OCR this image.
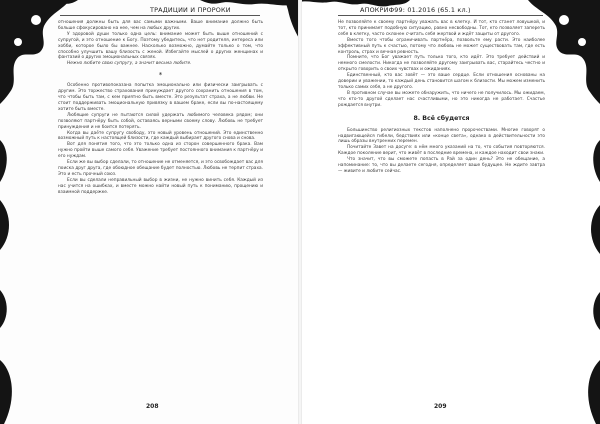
ТРАДИЦИИ И ПРОРОКИ

отношения должны быть для вас самыми важными. Ваше внимание должно быть больше сфокусировано на нее, чем на любых других.

У здоровой души только одна цель: внимание может быть выше отношений с супругой, и это отношение к Богу. Поэтому убедитесь, что нет родителя, интереса или хобби, которое было бы важнее. Насколько возможно, думайте только о том, что способно улучшить вашу близость с женой. Избегайте мыслей о других женщинах и фантазий о других эмоциональных связях.

Нежно любите свою супругу, а значит весьма любите.

*

Особенно противопоказана попытка эмоционально или физически заигрывать с другим. Это торжество страхования принуждает другого сохранить отношения в том, что чтобы быть там, с кем приятно быть вместе. Это результат страха, а не любви. Не стоит поддерживать эмоциональную привязку в вашем браке, если вы по-настоящему хотите быть вместе.

Любящие супруги не пытаются силой удержать любимого человека рядом; они позволяют партнёру быть собой, оставаясь верными своему слову. Любовь не требует принуждения и не боится потерять.

Когда вы даёте супругу свободу, это новый уровень отношений. Это единственно возможный путь к настоящей близости, где каждый выбирает другого снова и снова.

Вот для понятия того, что это только одна из сторон совершенного брака. Вам нужно пройти выше самого себя. Уважение требует постоянного внимания к партнёру и его нуждам.

Если же вы выбор сделали, то отношение не отменяется, и это освобождает вас для поиска друг друга, где обоюдное обещание будет полностью. Любовь не терпит страха. Это и есть прочный союз.

Если вы сделали неправильный выбор в жизни, не нужно винить себя. Каждый из нас учится на ошибках, и вместе можно найти новый путь к пониманию, прощению и взаимной поддержке.

208
АПОКРИФ99: 01.2016 (65.1 кл.)

Не позволяйте к своему партнёру уважать вас в клетку. И тот, кто станет ловушкой, и тот, кто принимает подобную ситуацию, равно несвободны. Тот, кто позволяет запереть себя в клетку, часто склонен считать себя жертвой и ждёт защиты от другого.

Вместо того чтобы ограничивать партнёра, позвольте ему расти. Это наиболее эффективный путь к счастью, потому что любовь не может существовать там, где есть контроль, страх и вечная ревность.

Помните, что Бог уважает путь только того, кто идёт. Это требует действий и немного смелости. Никогда не позволяйте другому заигрывать вас, старайтесь честно и открыто говорить о своих чувствах и ожиданиях.

Единственный, кто вас зовёт — это ваше сердце. Если отношения основаны на доверии и уважении, то каждый день становится шагом к близости. Мы можем изменить только самих себя, а не другого.

В противном случае вы можете обнаружить, что ничего не получилось. Мы ожидаем, что кто-то другой сделает нас счастливыми, но это никогда не работает. Счастье рождается внутри.

8. Всё сбудется

Большинство религиозных текстов наполнено пророчествами. Многие говорят о надвигающейся гибели, бедствиях или «конце света», однако в действительности это лишь образы внутренних перемен.

Почитайте Завет на досуге: в нём много указаний на то, что события повторяются. Каждое поколение верит, что живёт в последние времена, и каждое находит свои знаки.

Что значит, что вы сможете попасть в Рай за один день? Это не обещание, а напоминание: то, что вы делаете сегодня, определяет ваше будущее. Не ждите завтра — живите и любите сейчас.

209
